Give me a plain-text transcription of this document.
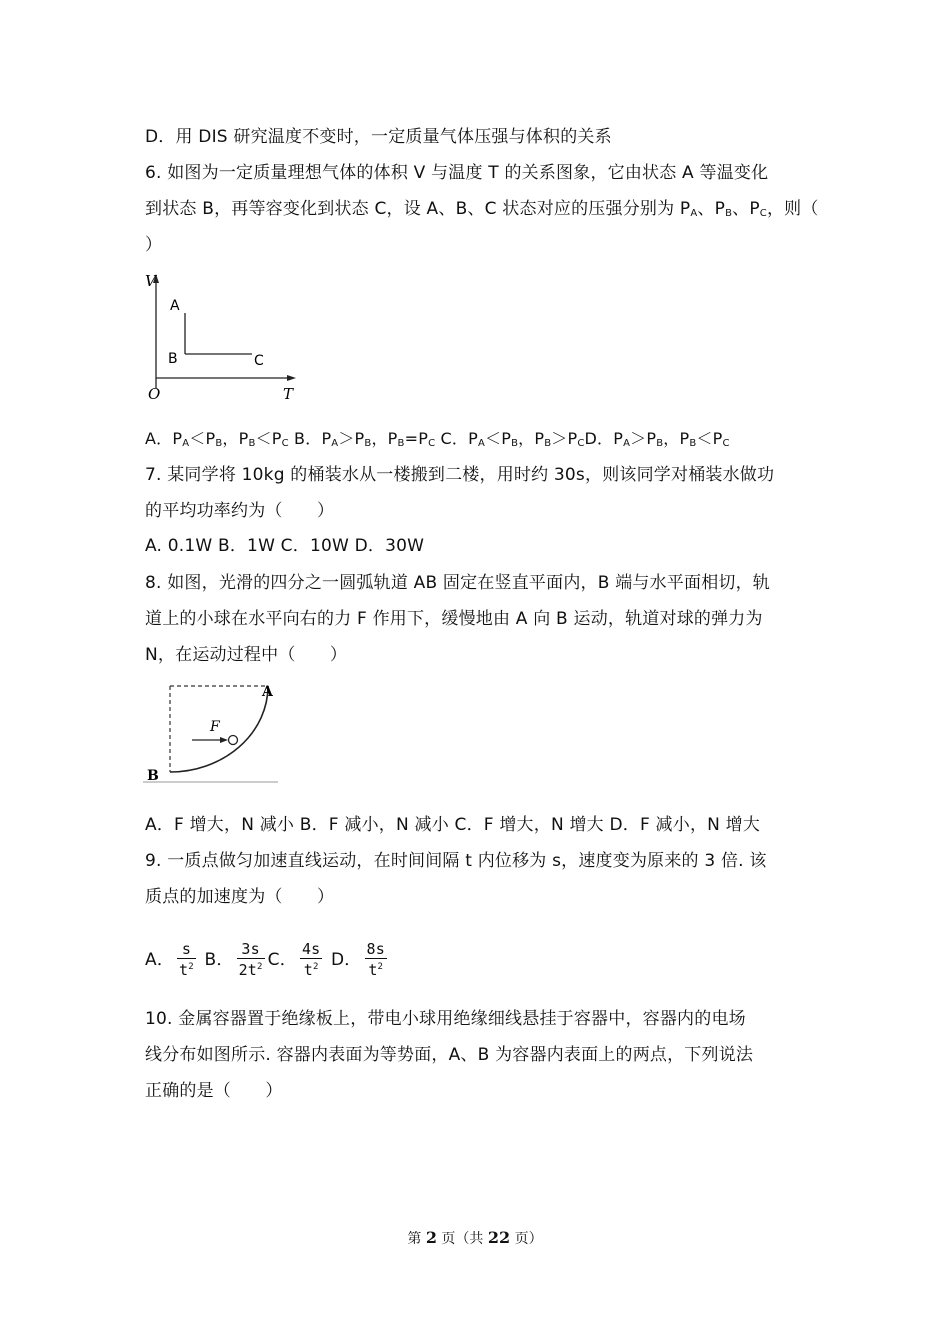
D．用 DIS 研究温度不变时，一定质量气体压强与体积的关系
6. 如图为一定质量理想气体的体积 V 与温度 T 的关系图象，它由状态 A 等温变化
到状态 B，再等容变化到状态 C，设 A、B、C 状态对应的压强分别为 $P_A$、$P_B$、$P_C$，则（
）
V
T
O
A
B	C
A．$P_A<P_B$，$P_B<P_C$ B．$P_A>P_B$，$P_B=P_C$ C．$P_A<P_B$，$P_B>P_CD$．$P_A>P_B$，$P_B<P_C$
7. 某同学将 10kg 的桶装水从一楼搬到二楼，用时约 30s，则该同学对桶装水做功
的平均功率约为（　　）
A. 0.1W B．1W C．10W D．30W
8. 如图，光滑的四分之一圆弧轨道 AB 固定在竖直平面内，B 端与水平面相切，轨
道上的小球在水平向右的力 F 作用下，缓慢地由 A 向 B 运动，轨道对球的弹力为
N，在运动过程中（　　）
F
A
B
A．F 增大，N 减小 B．F 减小，N 减小 C．F 增大，N 增大 D．F 减小，N 增大
9. 一质点做匀加速直线运动，在时间间隔 t 内位移为 s，速度变为原来的 3 倍. 该
质点的加速度为（　　）
A． $\frac{s}{t^2}$ B． $\frac{3s}{2t^2}$ C． $\frac{4s}{t^2}$ D． $\frac{8s}{t^2}$
10. 金属容器置于绝缘板上，带电小球用绝缘细线悬挂于容器中，容器内的电场
线分布如图所示. 容器内表面为等势面，A、B 为容器内表面上的两点，下列说法
正确的是（　　）
第 2 页（共 22 页）
